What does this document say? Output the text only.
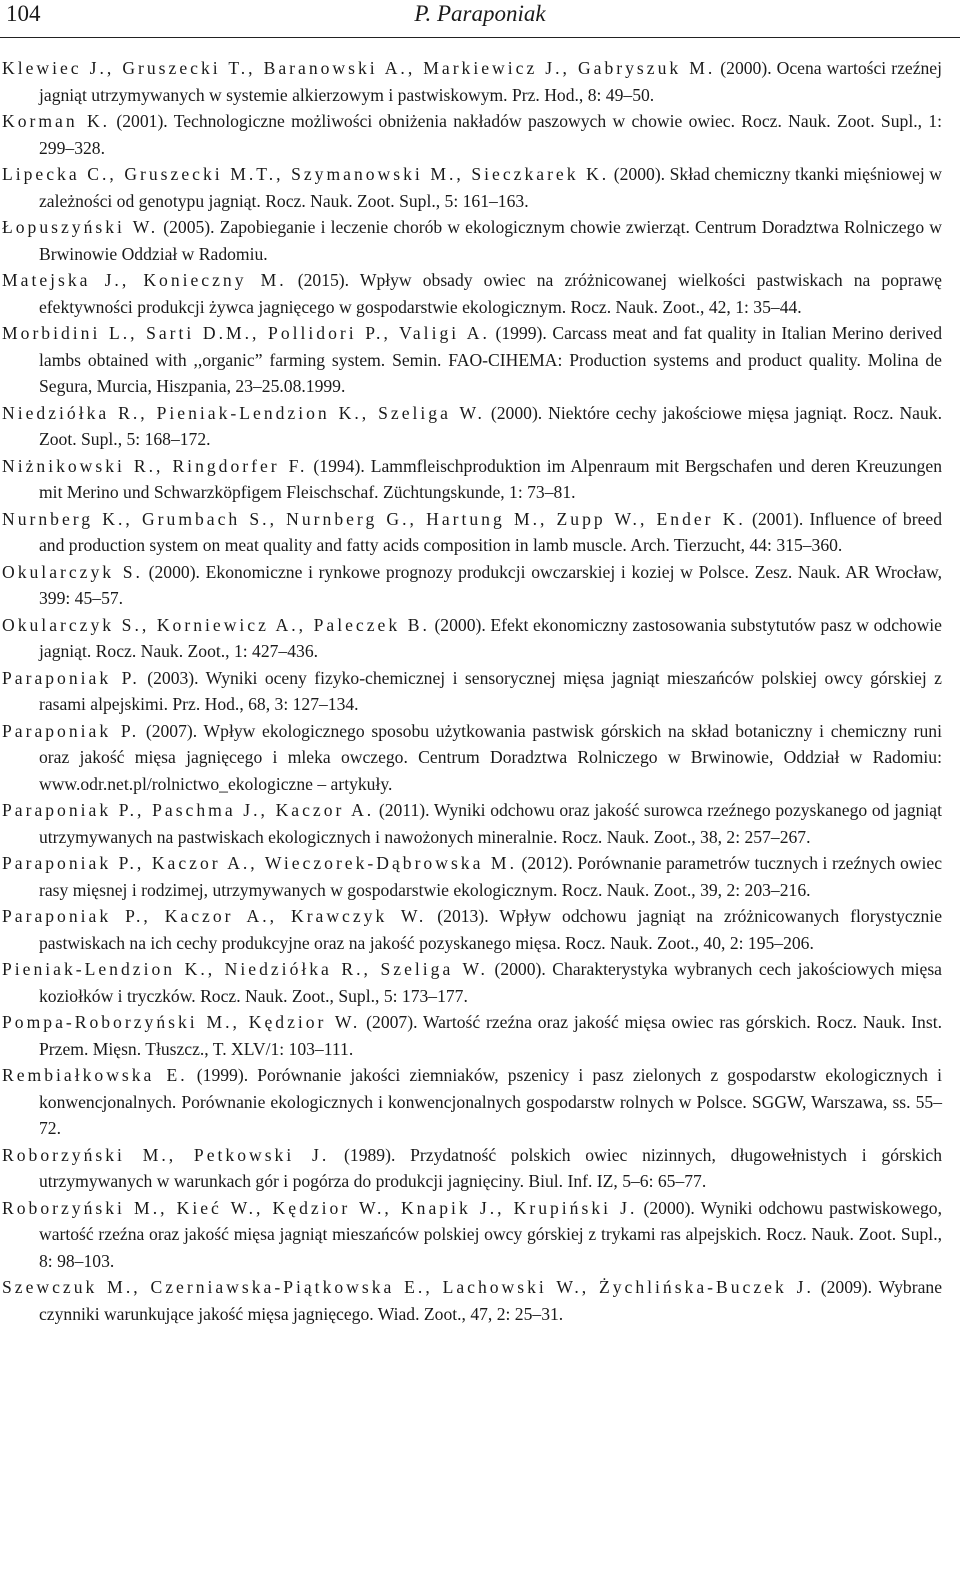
104	P. Paraponiak

Klewiec J., Gruszecki T., Baranowski A., Markiewicz J., Gabryszuk M. (2000). Ocena wartości rzeźnej jagniąt utrzymywanych w systemie alkierzowym i pastwiskowym. Prz. Hod., 8: 49–50.

Korman K. (2001). Technologiczne możliwości obniżenia nakładów paszowych w chowie owiec. Rocz. Nauk. Zoot. Supl., 1: 299–328.

Lipecka C., Gruszecki M.T., Szymanowski M., Sieczkarek K. (2000). Skład chemiczny tkanki mięśniowej w zależności od genotypu jagniąt. Rocz. Nauk. Zoot. Supl., 5: 161–163.

Łopuszyński W. (2005). Zapobieganie i leczenie chorób w ekologicznym chowie zwierząt. Centrum Doradztwa Rolniczego w Brwinowie Oddział w Radomiu.

Matejska J., Konieczny M. (2015). Wpływ obsady owiec na zróżnicowanej wielkości pastwiskach na poprawę efektywności produkcji żywca jagnięcego w gospodarstwie ekologicznym. Rocz. Nauk. Zoot., 42, 1: 35–44.

Morbidini L., Sarti D.M., Pollidori P., Valigi A. (1999). Carcass meat and fat quality in Italian Merino derived lambs obtained with ,,organic” farming system. Semin. FAO-CIHEMA: Production systems and product quality. Molina de Segura, Murcia, Hiszpania, 23–25.08.1999.

Niedziółka R., Pieniak-Lendzion K., Szeliga W. (2000). Niektóre cechy jakościowe mięsa jagniąt. Rocz. Nauk. Zoot. Supl., 5: 168–172.

Niżnikowski R., Ringdorfer F. (1994). Lammfleischproduktion im Alpenraum mit Bergschafen und deren Kreuzungen mit Merino und Schwarzköpfigem Fleischschaf. Züchtungskunde, 1: 73–81.

Nurnberg K., Grumbach S., Nurnberg G., Hartung M., Zupp W., Ender K. (2001). Influence of breed and production system on meat quality and fatty acids composition in lamb muscle. Arch. Tierzucht, 44: 315–360.

Okularczyk S. (2000). Ekonomiczne i rynkowe prognozy produkcji owczarskiej i koziej w Polsce. Zesz. Nauk. AR Wrocław, 399: 45–57.

Okularczyk S., Korniewicz A., Paleczek B. (2000). Efekt ekonomiczny zastosowania substytutów pasz w odchowie jagniąt. Rocz. Nauk. Zoot., 1: 427–436.

Paraponiak P. (2003). Wyniki oceny fizyko-chemicznej i sensorycznej mięsa jagniąt mieszańców polskiej owcy górskiej z rasami alpejskimi. Prz. Hod., 68, 3: 127–134.

Paraponiak P. (2007). Wpływ ekologicznego sposobu użytkowania pastwisk górskich na skład botaniczny i chemiczny runi oraz jakość mięsa jagnięcego i mleka owczego. Centrum Doradztwa Rolniczego w Brwinowie, Oddział w Radomiu: www.odr.net.pl/rolnictwo_ekologiczne – artykuły.

Paraponiak P., Paschma J., Kaczor A. (2011). Wyniki odchowu oraz jakość surowca rzeźnego pozyskanego od jagniąt utrzymywanych na pastwiskach ekologicznych i nawożonych mineralnie. Rocz. Nauk. Zoot., 38, 2: 257–267.

Paraponiak P., Kaczor A., Wieczorek-Dąbrowska M. (2012). Porównanie parametrów tucznych i rzeźnych owiec rasy mięsnej i rodzimej, utrzymywanych w gospodarstwie ekologicznym. Rocz. Nauk. Zoot., 39, 2: 203–216.

Paraponiak P., Kaczor A., Krawczyk W. (2013). Wpływ odchowu jagniąt na zróżnicowanych florystycznie pastwiskach na ich cechy produkcyjne oraz na jakość pozyskanego mięsa. Rocz. Nauk. Zoot., 40, 2: 195–206.

Pieniak-Lendzion K., Niedziółka R., Szeliga W. (2000). Charakterystyka wybranych cech jakościowych mięsa koziołków i tryczków. Rocz. Nauk. Zoot., Supl., 5: 173–177.

Pompa-Roborzyński M., Kędzior W. (2007). Wartość rzeźna oraz jakość mięsa owiec ras górskich. Rocz. Nauk. Inst. Przem. Mięsn. Tłuszcz., T. XLV/1: 103–111.

Rembiałkowska E. (1999). Porównanie jakości ziemniaków, pszenicy i pasz zielonych z gospodarstw ekologicznych i konwencjonalnych. Porównanie ekologicznych i konwencjonalnych gospodarstw rolnych w Polsce. SGGW, Warszawa, ss. 55–72.

Roborzyński M., Petkowski J. (1989). Przydatność polskich owiec nizinnych, długowełnistych i górskich utrzymywanych w warunkach gór i pogórza do produkcji jagnięciny. Biul. Inf. IZ, 5–6: 65–77.

Roborzyński M., Kieć W., Kędzior W., Knapik J., Krupiński J. (2000). Wyniki odchowu pastwiskowego, wartość rzeźna oraz jakość mięsa jagniąt mieszańców polskiej owcy górskiej z trykami ras alpejskich. Rocz. Nauk. Zoot. Supl., 8: 98–103.

Szewczuk M., Czerniawska-Piątkowska E., Lachowski W., Żychlińska-Buczek J. (2009). Wybrane czynniki warunkujące jakość mięsa jagnięcego. Wiad. Zoot., 47, 2: 25–31.
